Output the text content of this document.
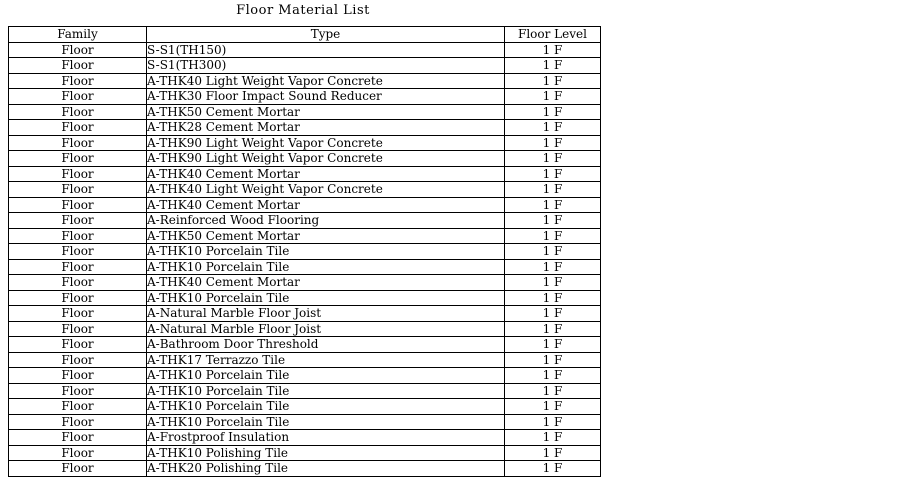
Floor Material List
Family	Type	Floor Level
Floor	S-S1(TH150)	1 F
Floor	S-S1(TH300)	1 F
Floor	A-THK40 Light Weight Vapor Concrete	1 F
Floor	A-THK30 Floor Impact Sound Reducer	1 F
Floor	A-THK50 Cement Mortar	1 F
Floor	A-THK28 Cement Mortar	1 F
Floor	A-THK90 Light Weight Vapor Concrete	1 F
Floor	A-THK90 Light Weight Vapor Concrete	1 F
Floor	A-THK40 Cement Mortar	1 F
Floor	A-THK40 Light Weight Vapor Concrete	1 F
Floor	A-THK40 Cement Mortar	1 F
Floor	A-Reinforced Wood Flooring	1 F
Floor	A-THK50 Cement Mortar	1 F
Floor	A-THK10 Porcelain Tile	1 F
Floor	A-THK10 Porcelain Tile	1 F
Floor	A-THK40 Cement Mortar	1 F
Floor	A-THK10 Porcelain Tile	1 F
Floor	A-Natural Marble Floor Joist	1 F
Floor	A-Natural Marble Floor Joist	1 F
Floor	A-Bathroom Door Threshold	1 F
Floor	A-THK17 Terrazzo Tile	1 F
Floor	A-THK10 Porcelain Tile	1 F
Floor	A-THK10 Porcelain Tile	1 F
Floor	A-THK10 Porcelain Tile	1 F
Floor	A-THK10 Porcelain Tile	1 F
Floor	A-Frostproof Insulation	1 F
Floor	A-THK10 Polishing Tile	1 F
Floor	A-THK20 Polishing Tile	1 F
